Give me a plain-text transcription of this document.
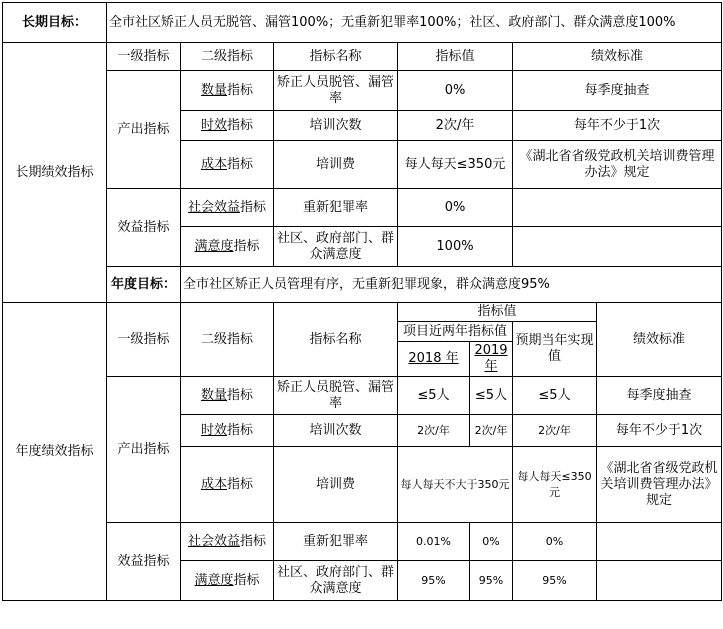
长期目标：	全市社区矫正人员无脱管、漏管100%；无重新犯罪率100%；社区、政府部门、群众满意度100%						
长期绩效指标	一级指标	二级指标	指标名称	指标值		绩效标准	
	产出指标	数量指标	矫正人员脱管、漏管率	0%		每季度抽查	
		时效指标	培训次数	2次/年		每年不少于1次	
		成本指标	培训费	每人每天≤350元		《湖北省省级党政机关培训费管理办法》规定	
	效益指标	社会效益指标	重新犯罪率	0%			
		满意度指标	社区、政府部门、群众满意度	100%			
	年度目标：	全市社区矫正人员管理有序，无重新犯罪现象，群众满意度95%					
年度绩效指标	一级指标	二级指标	指标名称	指标值			绩效标准
				项目近两年指标值		预期当年实现值	
				2018 年	2019年		
	产出指标	数量指标	矫正人员脱管、漏管率	≤5人	≤5人	≤5人	每季度抽查
		时效指标	培训次数	2次/年	2次/年	2次/年	每年不少于1次
		成本指标	培训费	每人每天不大于350元		每人每天≤350元	《湖北省省级党政机关培训费管理办法》规定
	效益指标	社会效益指标	重新犯罪率	0.01%	0%	0%	
		满意度指标	社区、政府部门、群众满意度	95%	95%	95%	
